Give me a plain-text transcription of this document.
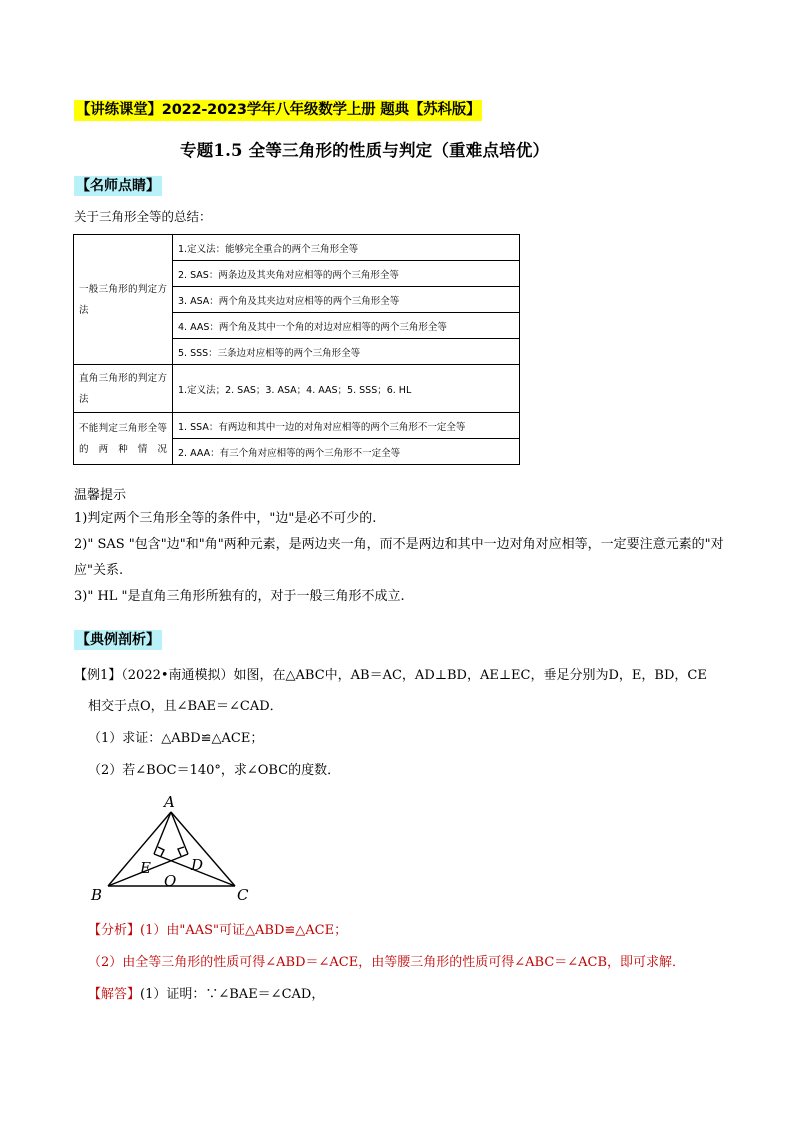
【讲练课堂】2022-2023学年八年级数学上册 题典【苏科版】
专题1.5 全等三角形的性质与判定（重难点培优）
【名师点睛】
关于三角形全等的总结：
一般三角形的判定方法	1.定义法：能够完全重合的两个三角形全等
	2. SAS：两条边及其夹角对应相等的两个三角形全等
	3. ASA：两个角及其夹边对应相等的两个三角形全等
	4. AAS：两个角及其中一个角的对边对应相等的两个三角形全等
	5. SSS：三条边对应相等的两个三角形全等
直角三角形的判定方法	1.定义法；2. SAS；3. ASA；4. AAS；5. SSS；6. HL
不能判定三角形全等的两种情况	1. SSA：有两边和其中一边的对角对应相等的两个三角形不一定全等
	2. AAA：有三个角对应相等的两个三角形不一定全等
温馨提示
1)判定两个三角形全等的条件中，"边"是必不可少的.
2)" SAS "包含"边"和"角"两种元素，是两边夹一角，而不是两边和其中一边对角对应相等，一定要注意元素的"对应"关系.
3)" HL "是直角三角形所独有的，对于一般三角形不成立.
【典例剖析】
【例1】（2022•南通模拟）如图，在△ABC中，AB＝AC，AD⊥BD，AE⊥EC，垂足分别为D，E，BD，CE
相交于点O，且∠BAE＝∠CAD．
（1）求证：△ABD≌△ACE；
（2）若∠BOC＝140°，求∠OBC的度数．
A
B	C
D
E
O
【分析】(1）由"AAS"可证△ABD≌△ACE；
（2）由全等三角形的性质可得∠ABD＝∠ACE，由等腰三角形的性质可得∠ABC＝∠ACB，即可求解．
【解答】(1）证明：∵∠BAE＝∠CAD，
